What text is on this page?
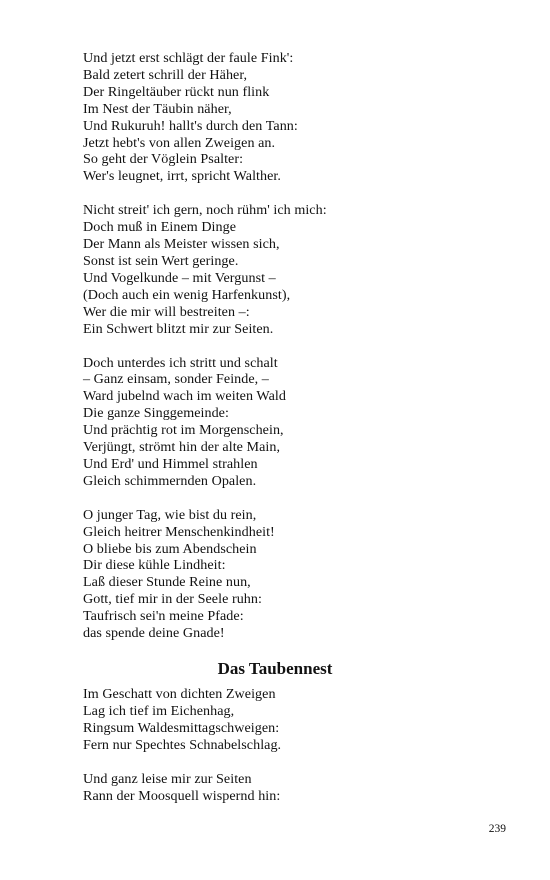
Und jetzt erst schlägt der faule Fink':
Bald zetert schrill der Häher,
Der Ringeltäuber rückt nun flink
Im Nest der Täubin näher,
Und Rukuruh! hallt's durch den Tann:
Jetzt hebt's von allen Zweigen an.
So geht der Vöglein Psalter:
Wer's leugnet, irrt, spricht Walther.
Nicht streit' ich gern, noch rühm' ich mich:
Doch muß in Einem Dinge
Der Mann als Meister wissen sich,
Sonst ist sein Wert geringe.
Und Vogelkunde – mit Vergunst –
(Doch auch ein wenig Harfenkunst),
Wer die mir will bestreiten –:
Ein Schwert blitzt mir zur Seiten.
Doch unterdes ich stritt und schalt
– Ganz einsam, sonder Feinde, –
Ward jubelnd wach im weiten Wald
Die ganze Singgemeinde:
Und prächtig rot im Morgenschein,
Verjüngt, strömt hin der alte Main,
Und Erd' und Himmel strahlen
Gleich schimmernden Opalen.
O junger Tag, wie bist du rein,
Gleich heitrer Menschenkindheit!
O bliebe bis zum Abendschein
Dir diese kühle Lindheit:
Laß dieser Stunde Reine nun,
Gott, tief mir in der Seele ruhn:
Taufrisch sei'n meine Pfade:
das spende deine Gnade!
Das Taubennest
Im Geschatt von dichten Zweigen
Lag ich tief im Eichenhag,
Ringsum Waldesmittagschweigen:
Fern nur Spechtes Schnabelschlag.
Und ganz leise mir zur Seiten
Rann der Moosquell wispernd hin:
239
